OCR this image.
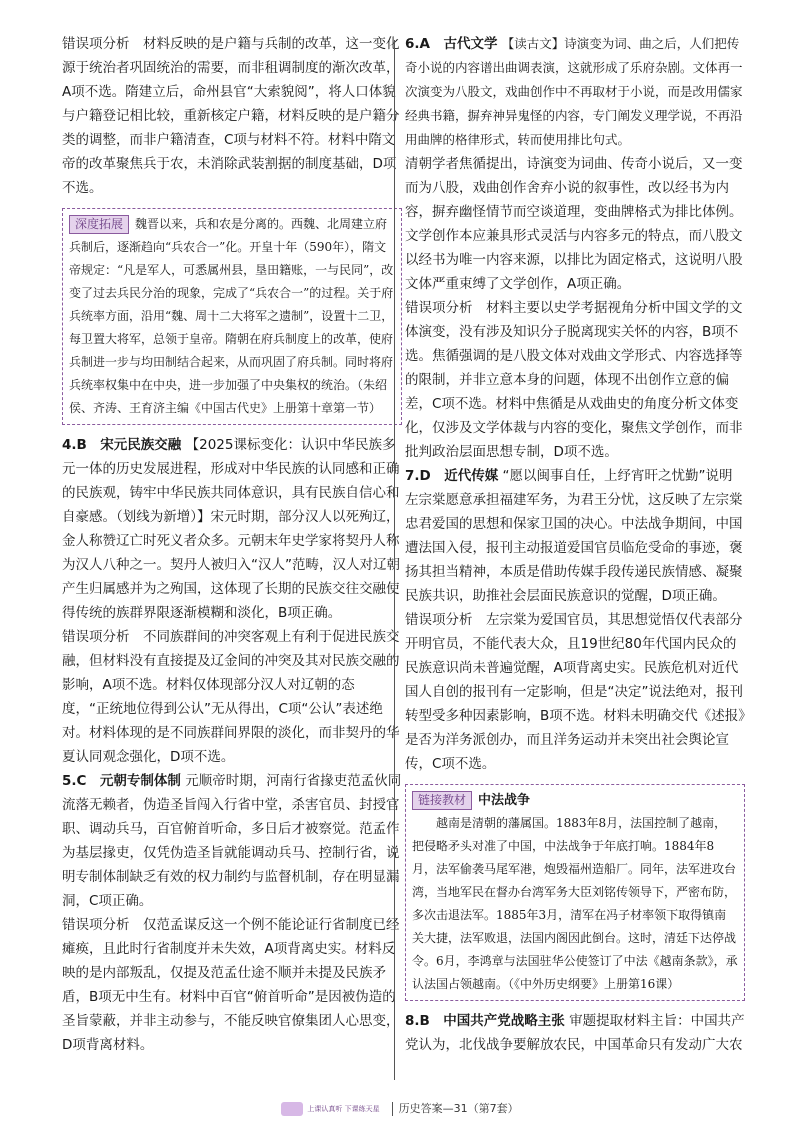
错误项分析　材料反映的是户籍与兵制的改革，这一变化源于统治者巩固统治的需要，而非租调制度的渐次改革，A项不选。隋建立后，命州县官“大索貌阅”，将人口体貌与户籍登记相比较，重新核定户籍，材料反映的是户籍分类的调整，而非户籍清查，C项与材料不符。材料中隋文帝的改革聚焦兵于农，未消除武装割据的制度基础，D项不选。

深度拓展 魏晋以来，兵和农是分离的。西魏、北周建立府兵制后，逐渐趋向“兵农合一”化。开皇十年（590年），隋文帝规定：“凡是军人，可悉属州县，垦田籍账，一与民同”，改变了过去兵民分治的现象，完成了“兵农合一”的过程。关于府兵统率方面，沿用“魏、周十二大将军之遗制”，设置十二卫，每卫置大将军，总领于皇帝。隋朝在府兵制度上的改革，使府兵制进一步与均田制结合起来，从而巩固了府兵制。同时将府兵统率权集中在中央，进一步加强了中央集权的统治。（朱绍侯、齐涛、王育济主编《中国古代史》上册第十章第一节）

4.B　宋元民族交融 【2025课标变化：认识中华民族多元一体的历史发展进程，形成对中华民族的认同感和正确的民族观，铸牢中华民族共同体意识，具有民族自信心和自豪感。（划线为新增）】宋元时期，部分汉人以死殉辽，金人称赞辽亡时死义者众多。元朝末年史学家将契丹人称为汉人八种之一。契丹人被归入“汉人”范畴，汉人对辽朝产生归属感并为之殉国，这体现了长期的民族交往交融使得传统的族群界限逐渐模糊和淡化，B项正确。

错误项分析　不同族群间的冲突客观上有利于促进民族交融，但材料没有直接提及辽金间的冲突及其对民族交融的影响，A项不选。材料仅体现部分汉人对辽朝的态度，“正统地位得到公认”无从得出，C项“公认”表述绝对。材料体现的是不同族群间界限的淡化，而非契丹的华夏认同观念强化，D项不选。

5.C　元朝专制体制 元顺帝时期，河南行省掾吏范孟伙同流落无赖者，伪造圣旨闯入行省中堂，杀害官员、封授官职、调动兵马，百官俯首听命，多日后才被察觉。范孟作为基层掾吏，仅凭伪造圣旨就能调动兵马、控制行省，说明专制体制缺乏有效的权力制约与监督机制，存在明显漏洞，C项正确。

错误项分析　仅范孟谋反这一个例不能论证行省制度已经瘫痪，且此时行省制度并未失效，A项背离史实。材料反映的是内部叛乱，仅提及范孟仕途不顺并未提及民族矛盾，B项无中生有。材料中百官“俯首听命”是因被伪造的圣旨蒙蔽，并非主动参与，不能反映官僚集团人心思变，D项背离材料。

6.A　古代文学 【读古文】诗演变为词、曲之后，人们把传奇小说的内容谱出曲调表演，这就形成了乐府杂剧。文体再一次演变为八股文，戏曲创作中不再取材于小说，而是改用儒家经典书籍，摒弃神异鬼怪的内容，专门阐发义理学说，不再沿用曲牌的格律形式，转而使用排比句式。

清朝学者焦循提出，诗演变为词曲、传奇小说后，又一变而为八股，戏曲创作舍弃小说的叙事性，改以经书为内容，摒弃幽怪情节而空谈道理，变曲牌格式为排比体例。文学创作本应兼具形式灵活与内容多元的特点，而八股文以经书为唯一内容来源，以排比为固定格式，这说明八股文体严重束缚了文学创作，A项正确。

错误项分析　材料主要以史学考据视角分析中国文学的文体演变，没有涉及知识分子脱离现实关怀的内容，B项不选。焦循强调的是八股文体对戏曲文学形式、内容选择等的限制，并非立意本身的问题，体现不出创作立意的偏差，C项不选。材料中焦循是从戏曲史的角度分析文体变化，仅涉及文学体裁与内容的变化，聚焦文学创作，而非批判政治层面思想专制，D项不选。

7.D　近代传媒 “愿以闽事自任，上纾宵旰之忧勤”说明左宗棠愿意承担福建军务，为君王分忧，这反映了左宗棠忠君爱国的思想和保家卫国的决心。中法战争期间，中国遭法国入侵，报刊主动报道爱国官员临危受命的事迹，褒扬其担当精神，本质是借助传媒手段传递民族情感、凝聚民族共识，助推社会层面民族意识的觉醒，D项正确。

错误项分析　左宗棠为爱国官员，其思想觉悟仅代表部分开明官员，不能代表大众，且19世纪80年代国内民众的民族意识尚未普遍觉醒，A项背离史实。民族危机对近代国人自创的报刊有一定影响，但是“决定”说法绝对，报刊转型受多种因素影响，B项不选。材料未明确交代《述报》是否为洋务派创办，而且洋务运动并未突出社会舆论宣传，C项不选。

链接教材 中法战争
越南是清朝的藩属国。1883年8月，法国控制了越南，把侵略矛头对准了中国，中法战争于年底打响。1884年8月，法军偷袭马尾军港，炮毁福州造船厂。同年，法军进攻台湾，当地军民在督办台湾军务大臣刘铭传领导下，严密布防，多次击退法军。1885年3月，清军在冯子材率领下取得镇南关大捷，法军败退，法国内阁因此倒台。这时，清廷下达停战令。6月，李鸿章与法国驻华公使签订了中法《越南条款》，承认法国占领越南。（《中外历史纲要》上册第16课）

8.B　中国共产党战略主张 审题提取材料主旨：中国共产党认为，北伐战争要解放农民，中国革命只有发动广大农

上课认真听 下课练天星 历史答案—31（第7套）
